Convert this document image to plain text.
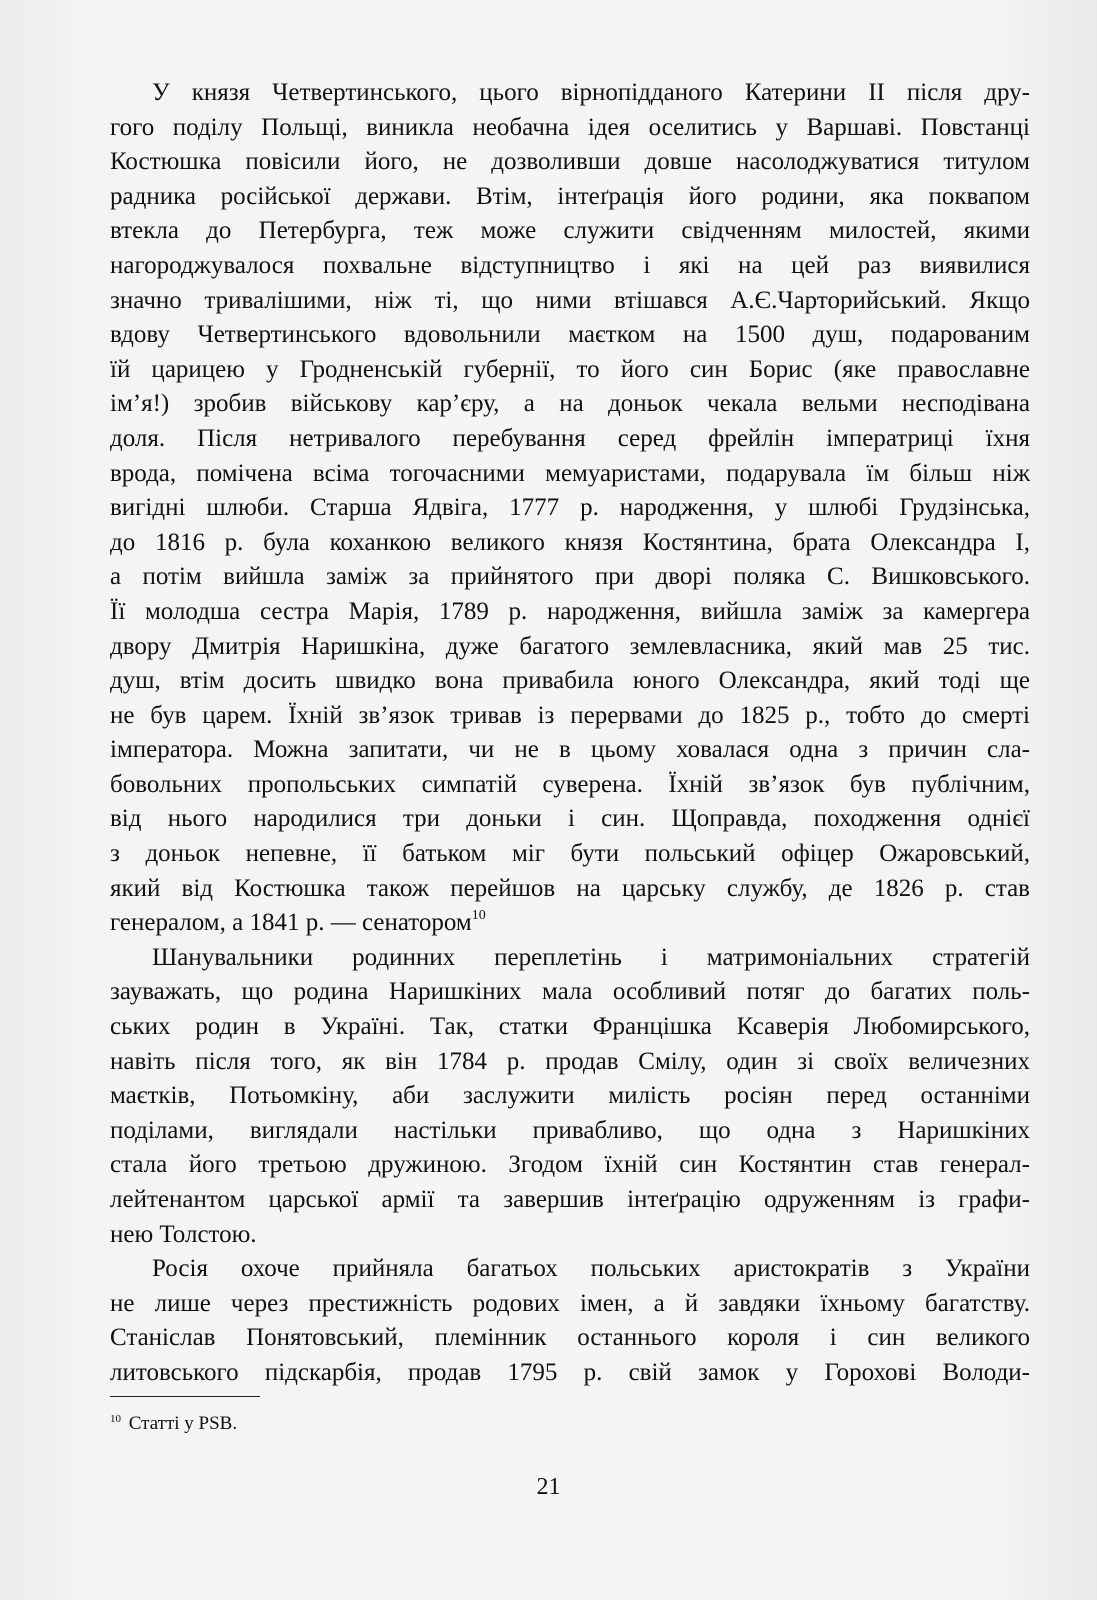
У князя Четвертинського, цього вірнопідданого Катерини ІІ після дру-
гого поділу Польщі, виникла необачна ідея оселитись у Варшаві. Повстанці
Костюшка повісили його, не дозволивши довше насолоджуватися титулом
радника російської держави. Втім, інтеґрація його родини, яка поквапом
втекла до Петербурга, теж може служити свідченням милостей, якими
нагороджувалося похвальне відступництво і які на цей раз виявилися
значно тривалішими, ніж ті, що ними втішався А.Є.Чарторийський. Якщо
вдову Четвертинського вдовольнили маєтком на 1500 душ, подарованим
їй царицею у Гродненській губернії, то його син Борис (яке православне
ім’я!) зробив військову кар’єру, а на доньок чекала вельми несподівана
доля. Після нетривалого перебування серед фрейлін імператриці їхня
врода, помічена всіма тогочасними мемуаристами, подарувала їм більш ніж
вигідні шлюби. Старша Ядвіга, 1777 р. народження, у шлюбі Грудзінська,
до 1816 р. була коханкою великого князя Костянтина, брата Олександра I,
а потім вийшла заміж за прийнятого при дворі поляка С. Вишковського.
Її молодша сестра Марія, 1789 р. народження, вийшла заміж за камергера
двору Дмитрія Наришкіна, дуже багатого землевласника, який мав 25 тис.
душ, втім досить швидко вона привабила юного Олександра, який тоді ще
не був царем. Їхній зв’язок тривав із перервами до 1825 р., тобто до смерті
імператора. Можна запитати, чи не в цьому ховалася одна з причин сла-
бовольних пропольських симпатій суверена. Їхній зв’язок був публічним,
від нього народилися три доньки і син. Щоправда, походження однієї
з доньок непевне, її батьком міг бути польський офіцер Ожаровський,
який від Костюшка також перейшов на царську службу, де 1826 р. став
генералом, а 1841 р. — сенатором$^{10}$
Шанувальники родинних переплетінь і матримоніальних стратегій
зауважать, що родина Наришкіних мала особливий потяг до багатих поль-
ських родин в Україні. Так, статки Францішка Ксаверія Любомирського,
навіть після того, як він 1784 р. продав Смілу, один зі своїх величезних
маєтків, Потьомкіну, аби заслужити милість росіян перед останніми
поділами, виглядали настільки привабливо, що одна з Наришкіних
стала його третьою дружиною. Згодом їхній син Костянтин став генерал-
лейтенантом царської армії та завершив інтеґрацію одруженням із графи-
нею Толстою.
Росія охоче прийняла багатьох польських аристократів з України
не лише через престижність родових імен, а й завдяки їхньому багатству.
Станіслав Понятовський, племінник останнього короля і син великого
литовського підскарбія, продав 1795 р. свій замок у Горохові Володи-
$^{10}$ Статті у PSB.
21
